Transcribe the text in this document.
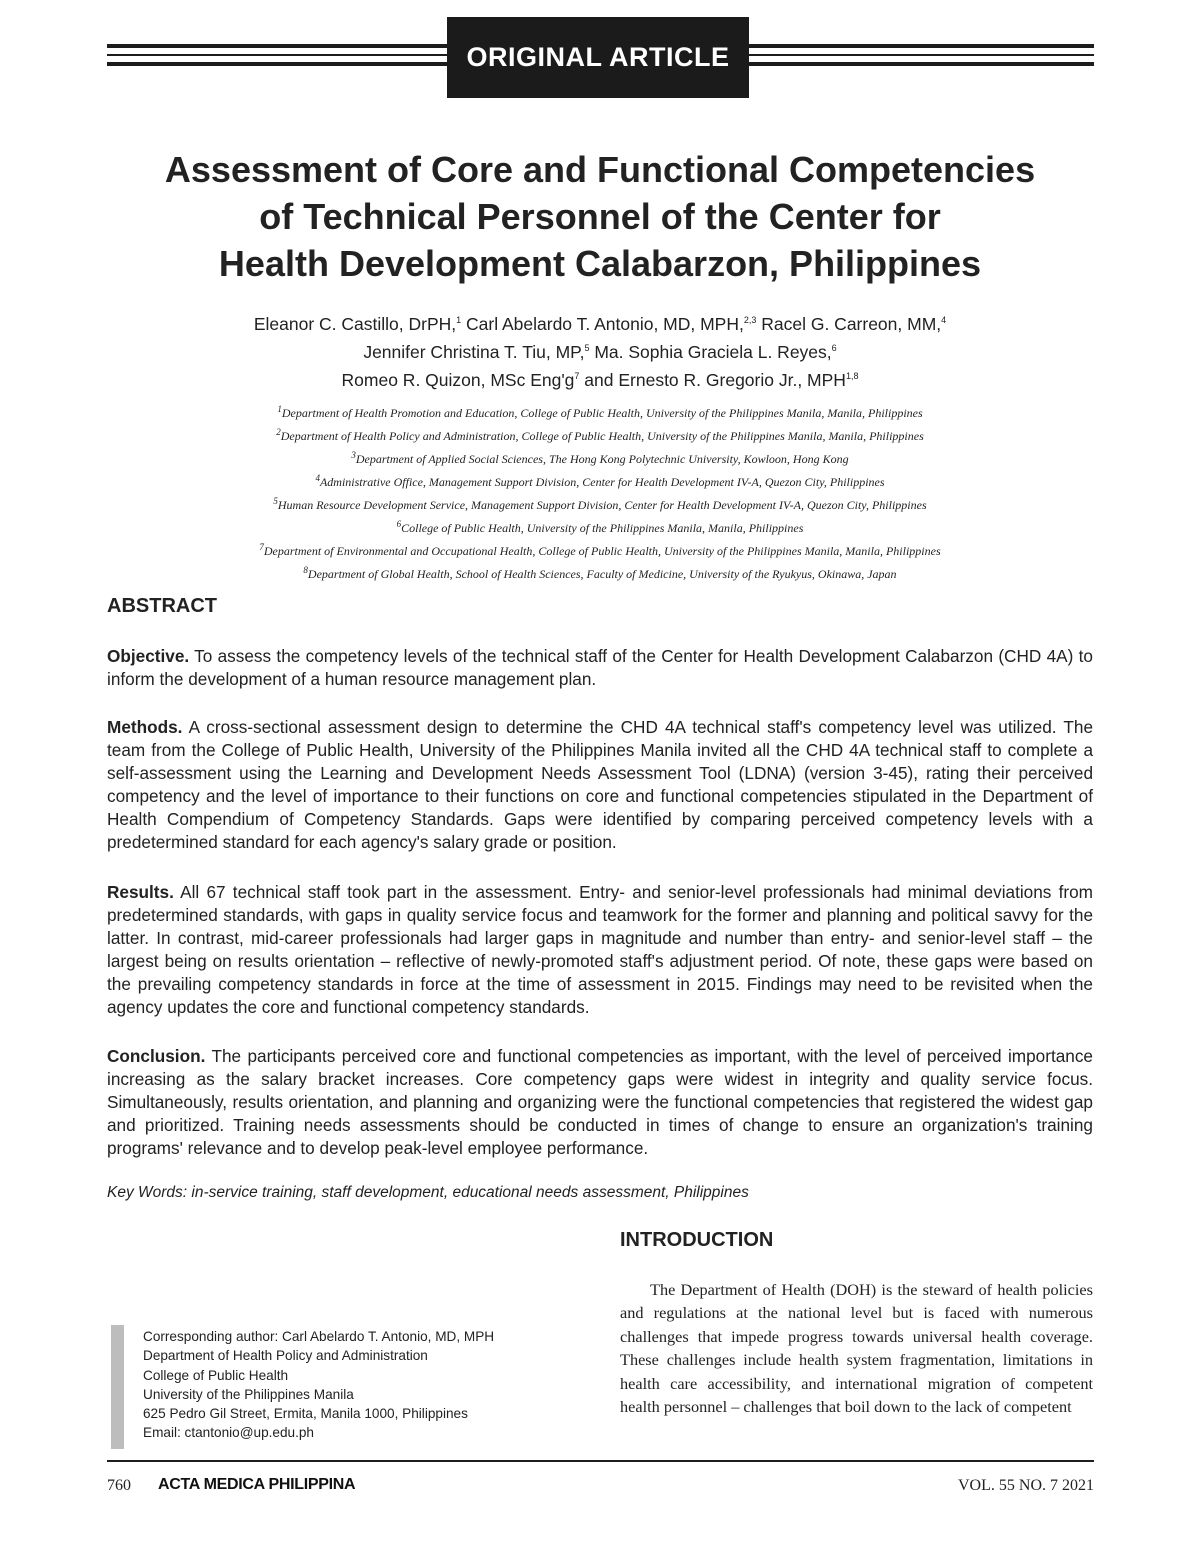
ORIGINAL ARTICLE
Assessment of Core and Functional Competencies
of Technical Personnel of the Center for
Health Development Calabarzon, Philippines
Eleanor C. Castillo, DrPH,$^1$ Carl Abelardo T. Antonio, MD, MPH,$^{2,3}$ Racel G. Carreon, MM,$^4$
Jennifer Christina T. Tiu, MP,$^5$ Ma. Sophia Graciela L. Reyes,$^6$
Romeo R. Quizon, MSc $Eng'g^7$ and Ernesto R. Gregorio Jr., MPH$^{1,8}$
$^1$Department of Health Promotion and Education, College of Public Health, University of the Philippines Manila, Manila, Philippines
$^2$Department of Health Policy and Administration, College of Public Health, University of the Philippines Manila, Manila, Philippines
$^3$Department of Applied Social Sciences, The Hong Kong Polytechnic University, Kowloon, Hong Kong
$^4$Administrative Office, Management Support Division, Center for Health Development IV-A, Quezon City, Philippines
$^5$Human Resource Development Service, Management Support Division, Center for Health Development IV-A, Quezon City, Philippines
$^6$College of Public Health, University of the Philippines Manila, Manila, Philippines
$^7$Department of Environmental and Occupational Health, College of Public Health, University of the Philippines Manila, Manila, Philippines
$^8$Department of Global Health, School of Health Sciences, Faculty of Medicine, University of the Ryukyus, Okinawa, Japan
ABSTRACT

Objective. To assess the competency levels of the technical staff of the Center for Health Development Calabarzon (CHD 4A) to inform the development of a human resource management plan.

Methods. A cross-sectional assessment design to determine the CHD 4A technical staff's competency level was utilized. The team from the College of Public Health, University of the Philippines Manila invited all the CHD 4A technical staff to complete a self-assessment using the Learning and Development Needs Assessment Tool (LDNA) (version 3-45), rating their perceived competency and the level of importance to their functions on core and functional competencies stipulated in the Department of Health Compendium of Competency Standards. Gaps were identified by comparing perceived competency levels with a predetermined standard for each agency's salary grade or position.

Results. All 67 technical staff took part in the assessment. Entry- and senior-level professionals had minimal deviations from predetermined standards, with gaps in quality service focus and teamwork for the former and planning and political savvy for the latter. In contrast, mid-career professionals had larger gaps in magnitude and number than entry- and senior-level staff – the largest being on results orientation – reflective of newly-promoted staff's adjustment period. Of note, these gaps were based on the prevailing competency standards in force at the time of assessment in 2015. Findings may need to be revisited when the agency updates the core and functional competency standards.

Conclusion. The participants perceived core and functional competencies as important, with the level of perceived importance increasing as the salary bracket increases. Core competency gaps were widest in integrity and quality service focus. Simultaneously, results orientation, and planning and organizing were the functional competencies that registered the widest gap and prioritized. Training needs assessments should be conducted in times of change to ensure an organization's training programs' relevance and to develop peak-level employee performance.

Key Words: in-service training, staff development, educational needs assessment, Philippines
INTRODUCTION

The Department of Health (DOH) is the steward of health policies and regulations at the national level but is faced with numerous challenges that impede progress towards universal health coverage. These challenges include health system fragmentation, limitations in health care accessibility, and international migration of competent health personnel – challenges that boil down to the lack of competent

Corresponding author: Carl Abelardo T. Antonio, MD, MPH
Department of Health Policy and Administration
College of Public Health
University of the Philippines Manila
625 Pedro Gil Street, Ermita, Manila 1000, Philippines
Email: ctantonio@up.edu.ph
760 ACTA MEDICA PHILIPPINA	VOL. 55 NO. 7 2021
